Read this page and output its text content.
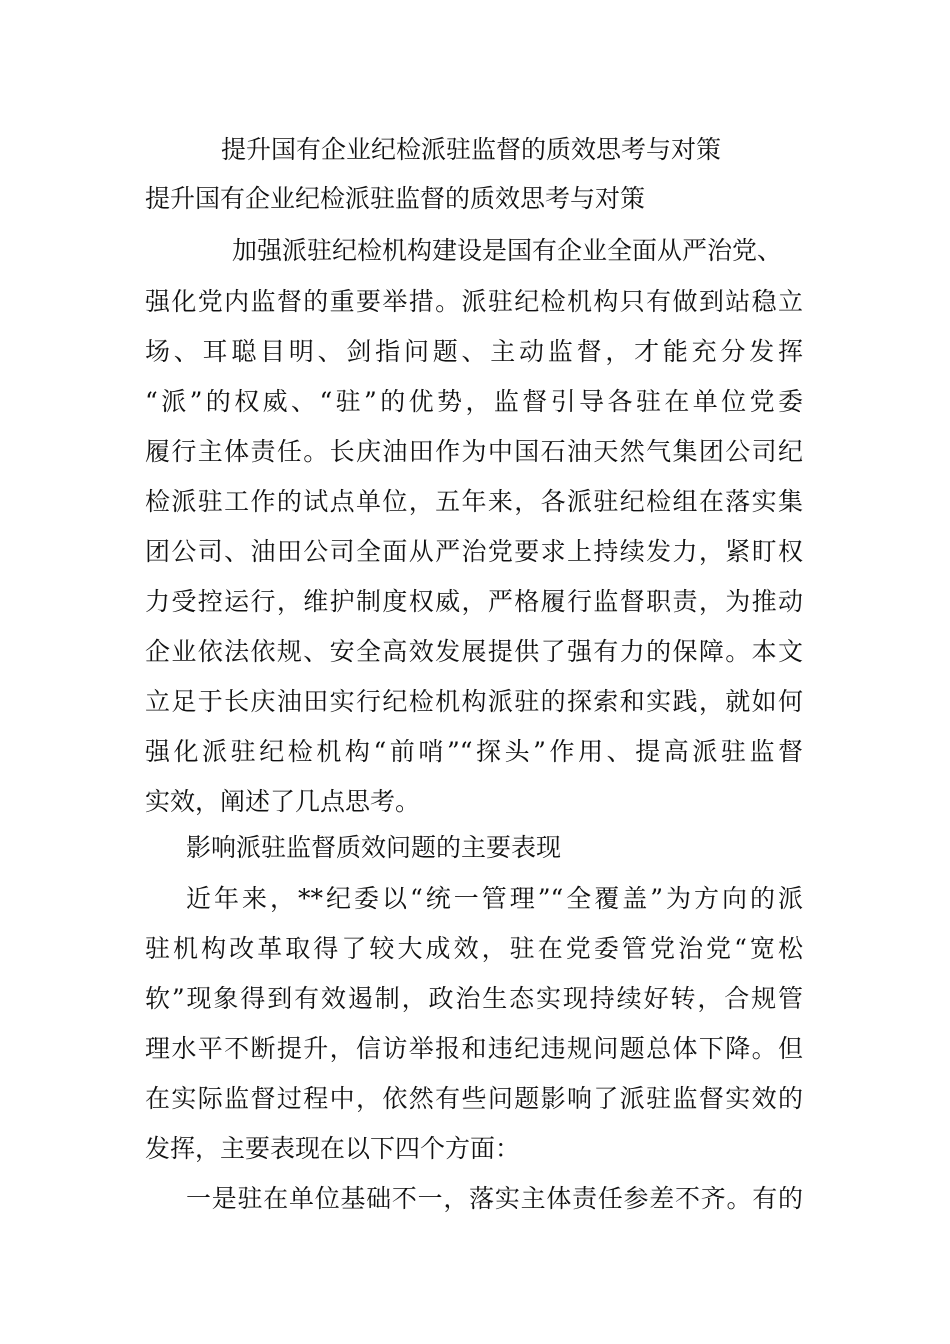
提升国有企业纪检派驻监督的质效思考与对策

提升国有企业纪检派驻监督的质效思考与对策

加强派驻纪检机构建设是国有企业全面从严治党、

强化党内监督的重要举措。派驻纪检机构只有做到站稳立

场、耳聪目明、剑指问题、主动监督，才能充分发挥

“派”的权威、“驻”的优势，监督引导各驻在单位党委

履行主体责任。长庆油田作为中国石油天然气集团公司纪

检派驻工作的试点单位，五年来，各派驻纪检组在落实集

团公司、油田公司全面从严治党要求上持续发力，紧盯权

力受控运行，维护制度权威，严格履行监督职责，为推动

企业依法依规、安全高效发展提供了强有力的保障。本文

立足于长庆油田实行纪检机构派驻的探索和实践，就如何

强化派驻纪检机构“前哨”“探头”作用、提高派驻监督

实效，阐述了几点思考。

影响派驻监督质效问题的主要表现

近年来，**纪委以“统一管理”“全覆盖”为方向的派

驻机构改革取得了较大成效，驻在党委管党治党“宽松

软”现象得到有效遏制，政治生态实现持续好转，合规管

理水平不断提升，信访举报和违纪违规问题总体下降。但

在实际监督过程中，依然有些问题影响了派驻监督实效的

发挥，主要表现在以下四个方面：

一是驻在单位基础不一，落实主体责任参差不齐。有的
